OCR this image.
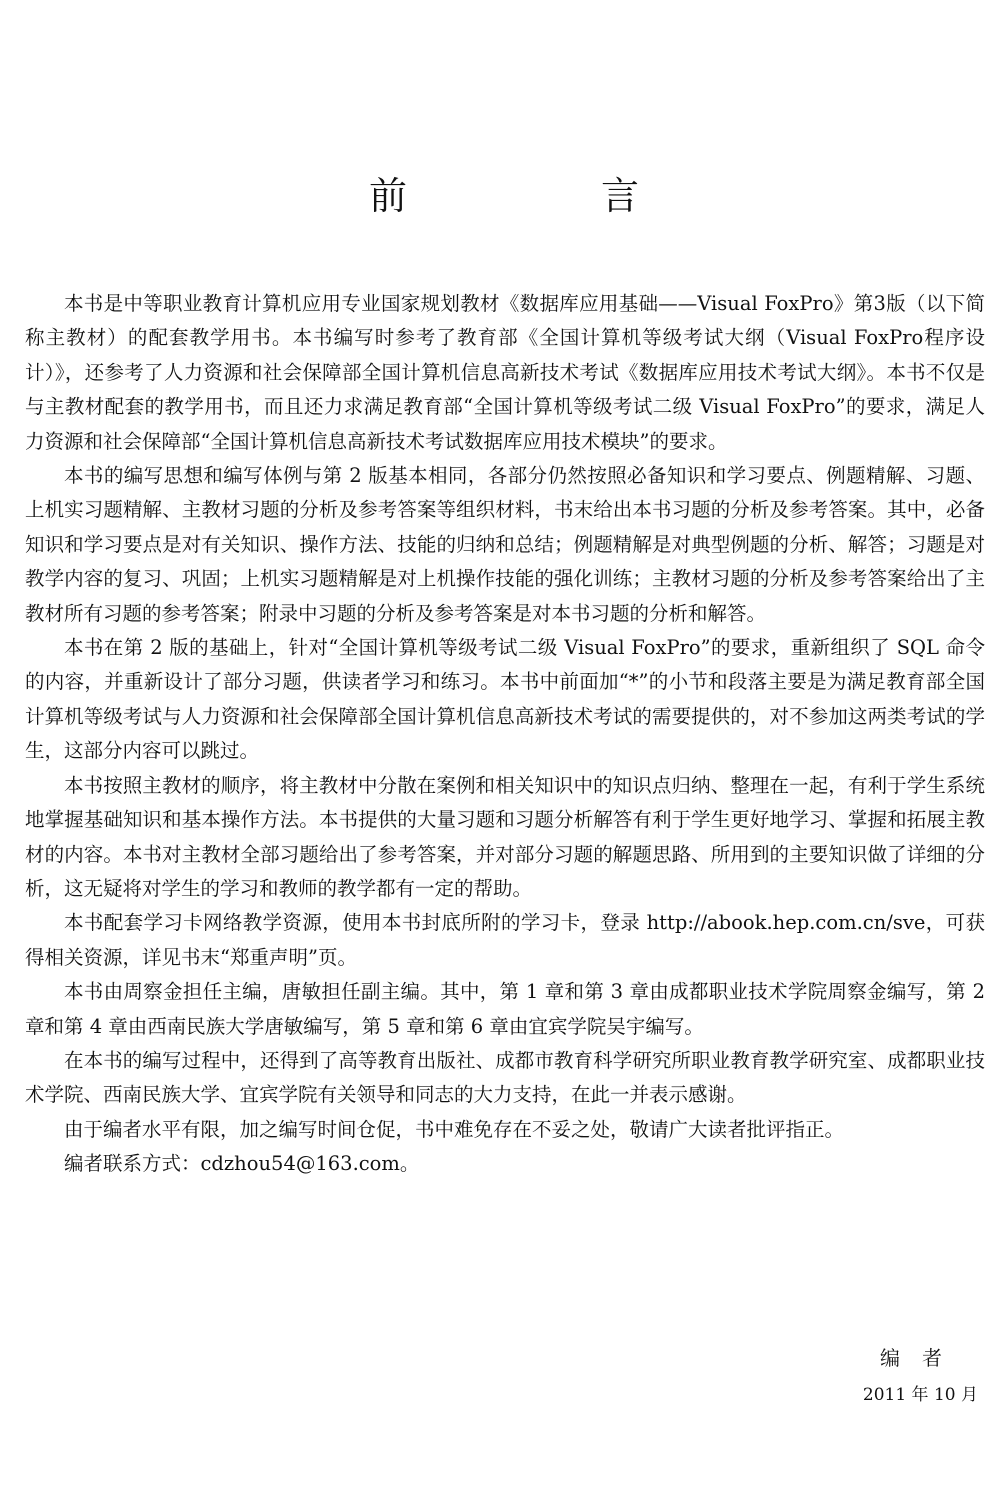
前　言

本书是中等职业教育计算机应用专业国家规划教材《数据库应用基础——Visual FoxPro》第3版（以下简称主教材）的配套教学用书。本书编写时参考了教育部《全国计算机等级考试大纲（Visual FoxPro程序设计）》，还参考了人力资源和社会保障部全国计算机信息高新技术考试《数据库应用技术考试大纲》。本书不仅是与主教材配套的教学用书，而且还力求满足教育部“全国计算机等级考试二级 Visual FoxPro”的要求，满足人力资源和社会保障部“全国计算机信息高新技术考试数据库应用技术模块”的要求。

本书的编写思想和编写体例与第 2 版基本相同，各部分仍然按照必备知识和学习要点、例题精解、习题、上机实习题精解、主教材习题的分析及参考答案等组织材料，书末给出本书习题的分析及参考答案。其中，必备知识和学习要点是对有关知识、操作方法、技能的归纳和总结；例题精解是对典型例题的分析、解答；习题是对教学内容的复习、巩固；上机实习题精解是对上机操作技能的强化训练；主教材习题的分析及参考答案给出了主教材所有习题的参考答案；附录中习题的分析及参考答案是对本书习题的分析和解答。

本书在第 2 版的基础上，针对“全国计算机等级考试二级 Visual FoxPro”的要求，重新组织了 SQL 命令的内容，并重新设计了部分习题，供读者学习和练习。本书中前面加“*”的小节和段落主要是为满足教育部全国计算机等级考试与人力资源和社会保障部全国计算机信息高新技术考试的需要提供的，对不参加这两类考试的学生，这部分内容可以跳过。

本书按照主教材的顺序，将主教材中分散在案例和相关知识中的知识点归纳、整理在一起，有利于学生系统地掌握基础知识和基本操作方法。本书提供的大量习题和习题分析解答有利于学生更好地学习、掌握和拓展主教材的内容。本书对主教材全部习题给出了参考答案，并对部分习题的解题思路、所用到的主要知识做了详细的分析，这无疑将对学生的学习和教师的教学都有一定的帮助。

本书配套学习卡网络教学资源，使用本书封底所附的学习卡，登录 http://abook.hep.com.cn/sve，可获得相关资源，详见书末“郑重声明”页。

本书由周察金担任主编，唐敏担任副主编。其中，第 1 章和第 3 章由成都职业技术学院周察金编写，第 2 章和第 4 章由西南民族大学唐敏编写，第 5 章和第 6 章由宜宾学院吴宇编写。

在本书的编写过程中，还得到了高等教育出版社、成都市教育科学研究所职业教育教学研究室、成都职业技术学院、西南民族大学、宜宾学院有关领导和同志的大力支持，在此一并表示感谢。

由于编者水平有限，加之编写时间仓促，书中难免存在不妥之处，敬请广大读者批评指正。

编者联系方式：cdzhou54@163.com。

编者

2011 年 10 月
